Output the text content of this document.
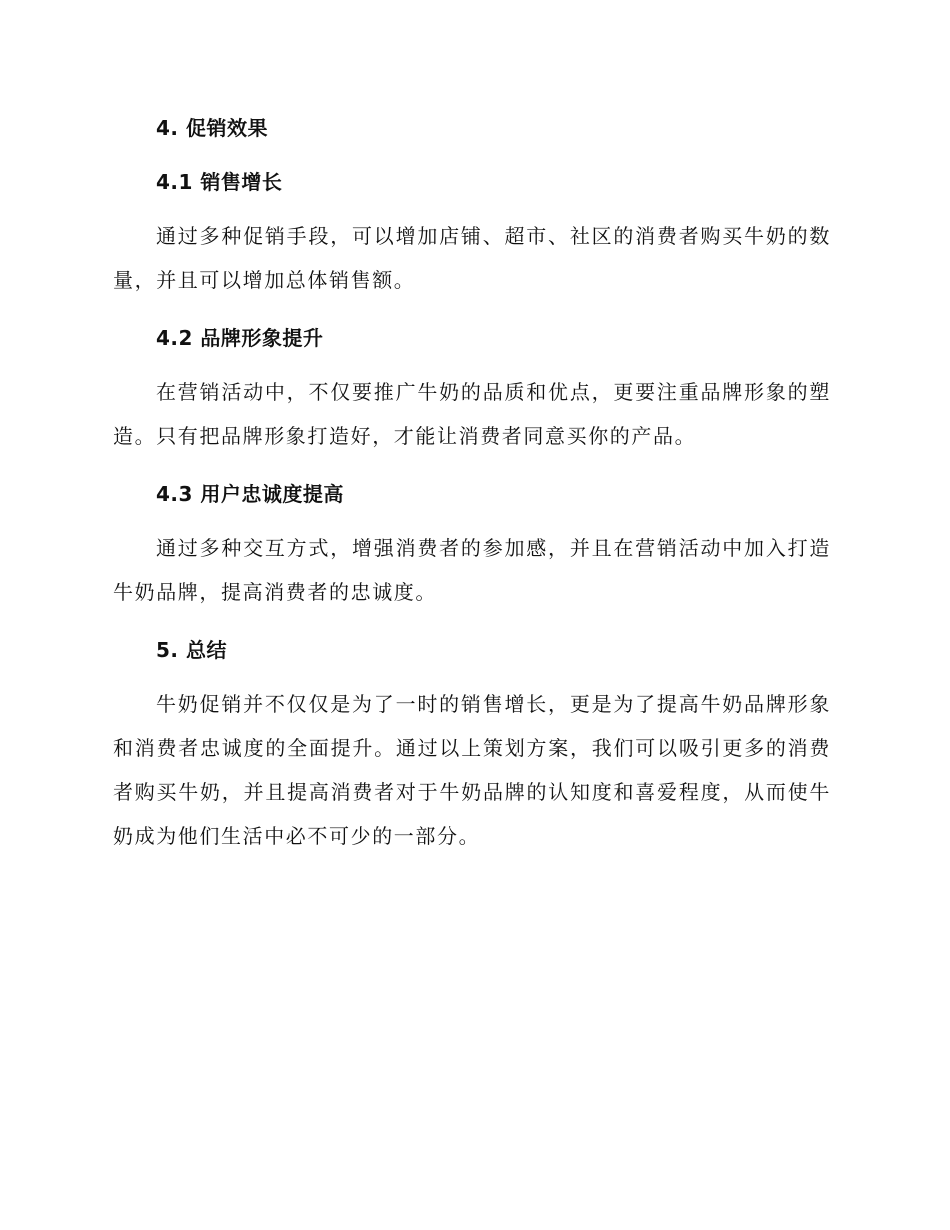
4. 促销效果
4.1 销售增长

通过多种促销手段，可以增加店铺、超市、社区的消费者购买牛奶的数量，并且可以增加总体销售额。

4.2 品牌形象提升

在营销活动中，不仅要推广牛奶的品质和优点，更要注重品牌形象的塑造。只有把品牌形象打造好，才能让消费者同意买你的产品。

4.3 用户忠诚度提高

通过多种交互方式，增强消费者的参加感，并且在营销活动中加入打造牛奶品牌，提高消费者的忠诚度。

5. 总结

牛奶促销并不仅仅是为了一时的销售增长，更是为了提高牛奶品牌形象和消费者忠诚度的全面提升。通过以上策划方案，我们可以吸引更多的消费者购买牛奶，并且提高消费者对于牛奶品牌的认知度和喜爱程度，从而使牛奶成为他们生活中必不可少的一部分。
